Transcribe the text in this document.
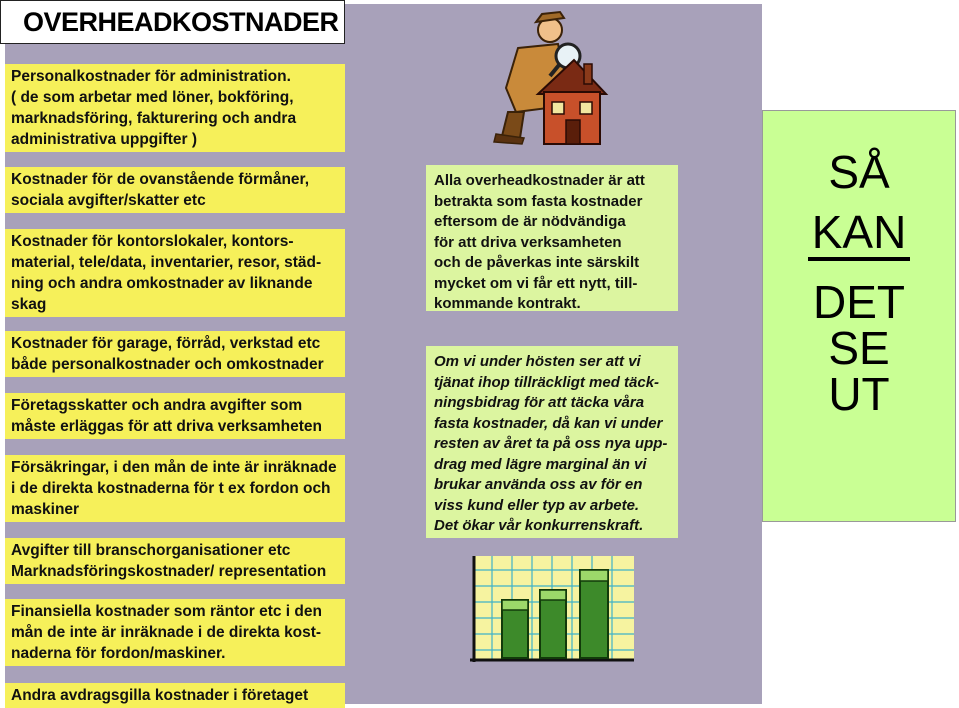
OVERHEADKOSTNADER
Personalkostnader för administration.
( de som arbetar med löner, bokföring,
marknadsföring, fakturering och andra
administrativa uppgifter )
Kostnader för de ovanstående förmåner,
sociala avgifter/skatter etc
Kostnader för kontorslokaler, kontors-
material, tele/data, inventarier, resor, städ-
ning och andra omkostnader av liknande
skag
Kostnader för garage, förråd, verkstad etc
både personalkostnader och omkostnader
Företagsskatter och andra avgifter som
måste erläggas för att driva verksamheten
Försäkringar, i den mån de inte är inräknade
i de direkta kostnaderna för t ex fordon och
maskiner
Avgifter till branschorganisationer etc
Marknadsföringskostnader/ representation
Finansiella kostnader som räntor etc i den
mån de inte är inräknade i de direkta kost-
naderna för fordon/maskiner.
Andra avdragsgilla kostnader i företaget
Alla overheadkostnader är att
betrakta som fasta kostnader
eftersom de är nödvändiga
för att driva verksamheten
och de påverkas inte särskilt
mycket om vi får ett nytt, till-
kommande kontrakt.
Om vi under hösten ser att vi
tjänat ihop tillräckligt med täck-
ningsbidrag för att täcka våra
fasta kostnader, då kan vi under
resten av året ta på oss nya upp-
drag med lägre marginal än vi
brukar använda oss av för en
viss kund eller typ av arbete.
Det ökar vår konkurrenskraft.
SÅ
KAN
DET
SE
UT
